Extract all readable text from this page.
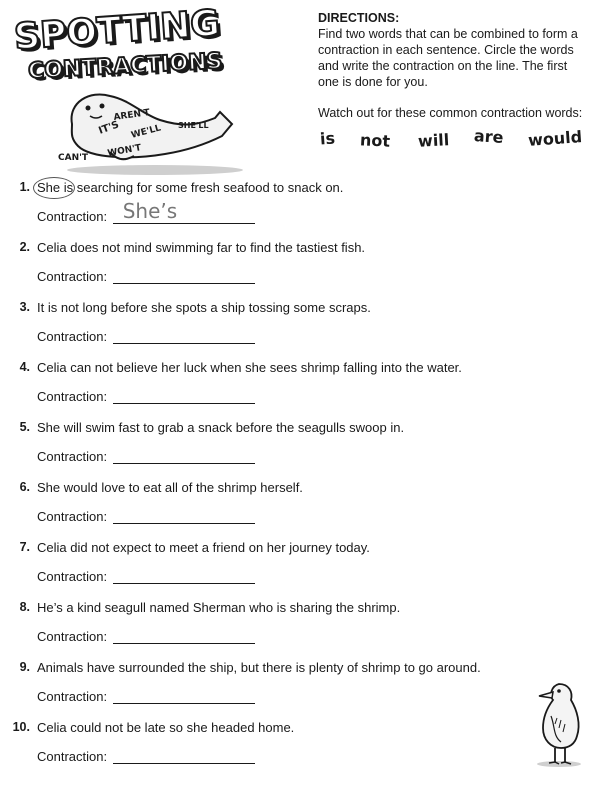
SPOTTING
CONTRACTIONS
AREN'T
IT'S	SHE'LL
WE'LL
CAN'T WON'T
DIRECTIONS:

Find two words that can be combined to form a contraction in each sentence. Circle the words and write the contraction on the line. The first one is done for you.

Watch out for these common contraction words:
is not will are would
1. She is searching for some fresh seafood to snack on.
Contraction: She’s
2. Celia does not mind swimming far to find the tastiest fish.
Contraction:
3. It is not long before she spots a ship tossing some scraps.
Contraction:
4. Celia can not believe her luck when she sees shrimp falling into the water.
Contraction:
5. She will swim fast to grab a snack before the seagulls swoop in.
Contraction:
6. She would love to eat all of the shrimp herself.
Contraction:
7. Celia did not expect to meet a friend on her journey today.
Contraction:
8. He’s a kind seagull named Sherman who is sharing the shrimp.
Contraction:
9. Animals have surrounded the ship, but there is plenty of shrimp to go around.
Contraction:
10. Celia could not be late so she headed home.
Contraction:
